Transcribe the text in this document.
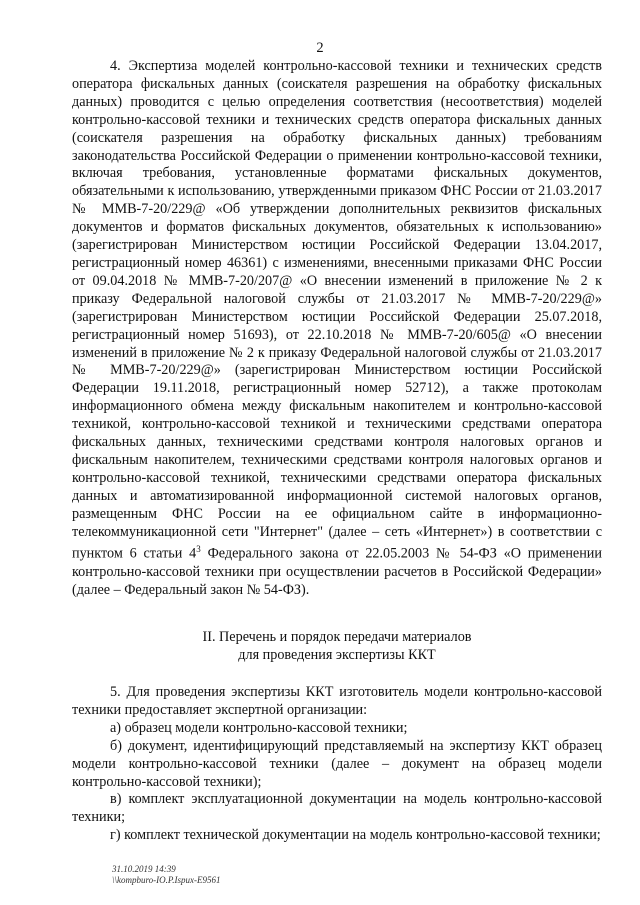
2

4. Экспертиза моделей контрольно-кассовой техники и технических средств оператора фискальных данных (соискателя разрешения на обработку фискальных данных) проводится с целью определения соответствия (несоответствия) моделей контрольно-кассовой техники и технических средств оператора фискальных данных (соискателя разрешения на обработку фискальных данных) требованиям законодательства Российской Федерации о применении контрольно-кассовой техники, включая требования, установленные форматами фискальных документов, обязательными к использованию, утвержденными приказом ФНС России от 21.03.2017 № ММВ-7-20/229@ «Об утверждении дополнительных реквизитов фискальных документов и форматов фискальных документов, обязательных к использованию» (зарегистрирован Министерством юстиции Российской Федерации 13.04.2017, регистрационный номер 46361) с изменениями, внесенными приказами ФНС России от 09.04.2018 № ММВ-7-20/207@ «О внесении изменений в приложение № 2 к приказу Федеральной налоговой службы от 21.03.2017 № ММВ-7-20/229@» (зарегистрирован Министерством юстиции Российской Федерации 25.07.2018, регистрационный номер 51693), от 22.10.2018 № ММВ-7-20/605@ «О внесении изменений в приложение № 2 к приказу Федеральной налоговой службы от 21.03.2017 № ММВ-7-20/229@» (зарегистрирован Министерством юстиции Российской Федерации 19.11.2018, регистрационный номер 52712), а также протоколам информационного обмена между фискальным накопителем и контрольно-кассовой техникой, контрольно-кассовой техникой и техническими средствами оператора фискальных данных, техническими средствами контроля налоговых органов и фискальным накопителем, техническими средствами контроля налоговых органов и контрольно-кассовой техникой, техническими средствами оператора фискальных данных и автоматизированной информационной системой налоговых органов, размещенным ФНС России на ее официальном сайте в информационно-телекоммуникационной сети "Интернет" (далее – сеть «Интернет») в соответствии с пунктом 6 статьи $4^3$ Федерального закона от 22.05.2003 № 54-ФЗ «О применении контрольно-кассовой техники при осуществлении расчетов в Российской Федерации» (далее – Федеральный закон № 54-ФЗ).

II. Перечень и порядок передачи материалов
для проведения экспертизы ККТ

5. Для проведения экспертизы ККТ изготовитель модели контрольно-кассовой техники предоставляет экспертной организации:

а) образец модели контрольно-кассовой техники;

б) документ, идентифицирующий представляемый на экспертизу ККТ образец модели контрольно-кассовой техники (далее – документ на образец модели контрольно-кассовой техники);

в) комплект эксплуатационной документации на модель контрольно-кассовой техники;

г) комплект технической документации на модель контрольно-кассовой техники;

31.10.2019 14:39
\\kompburo-IO.P.Ispux-E9561
